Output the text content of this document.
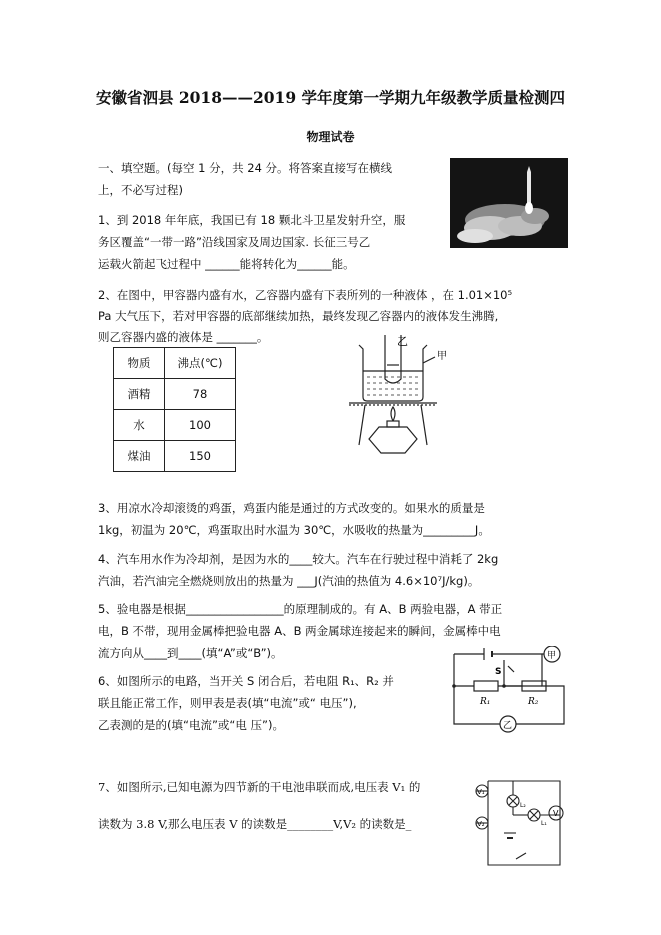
安徽省泗县 2018——2019 学年度第一学期九年级教学质量检测四
物理试卷
一、填空题。(每空 1 分，共 24 分。将答案直接写在横线
上，不必写过程)
1、到 2018 年年底，我国已有 18 颗北斗卫星发射升空，服
务区覆盖“一带一路”沿线国家及周边国家. 长征三号乙
运载火箭起飞过程中 ______能将转化为______能。
2、在图中，甲容器内盛有水，乙容器内盛有下表所列的一种液体 ，在 1.01×10⁵
Pa 大气压下，若对甲容器的底部继续加热，最终发现乙容器内的液体发生沸腾,
则乙容器内盛的液体是 _______。
物质	沸点(℃)
酒精	78
水	100
煤油	150
乙
甲
3、用凉水冷却滚烫的鸡蛋，鸡蛋内能是通过的方式改变的。如果水的质量是
1kg，初温为 20℃，鸡蛋取出时水温为 30℃，水吸收的热量为_________J。
4、汽车用水作为冷却剂，是因为水的____较大。汽车在行驶过程中消耗了 2kg
汽油，若汽油完全燃烧则放出的热量为 ___J(汽油的热值为 4.6×10⁷J/kg)。
5、验电器是根据_________________的原理制成的。有 A、B 两验电器，A 带正
电，B 不带，现用金属棒把验电器 A、B 两金属球连接起来的瞬间，金属棒中电
流方向从____到____(填“A”或“B”)。
6、如图所示的电路，当开关 S 闭合后，若电阻 R₁、R₂ 并
联且能正常工作，则甲表是表(填“电流”或“ 电压”),
乙表测的是的(填“电流”或“电 压”)。
甲
乙
S
R₁	R₂
7、如图所示,已知电源为四节新的干电池串联而成,电压表 V₁ 的
读数为 3.8 V,那么电压表 V 的读数是________V,V₂ 的读数是_
V₁
V₂
V
L₂
L₁
